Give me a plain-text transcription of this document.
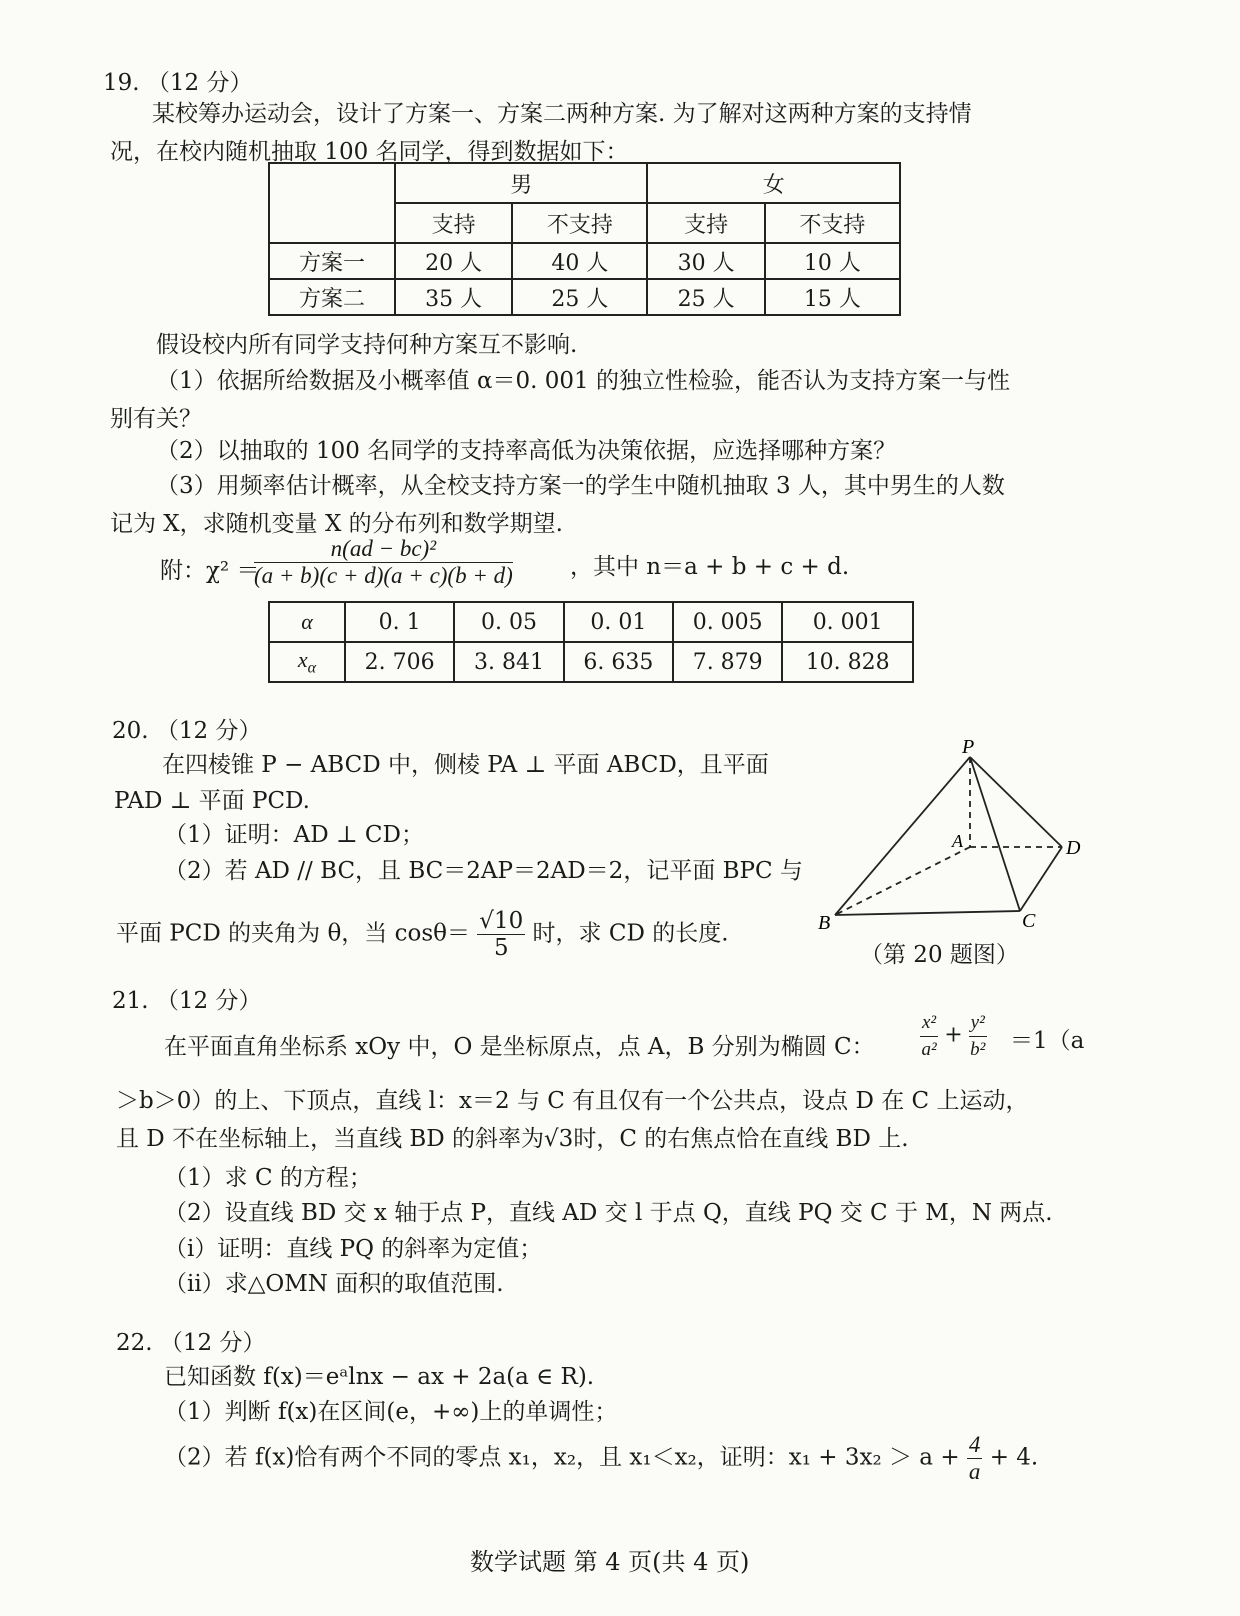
19. （12 分）
某校筹办运动会，设计了方案一、方案二两种方案. 为了解对这两种方案的支持情
况，在校内随机抽取 100 名同学，得到数据如下：
	男		女	
	支持	不支持	支持	不支持
方案一	20 人	40 人	30 人	10 人
方案二	35 人	25 人	25 人	15 人
假设校内所有同学支持何种方案互不影响.
（1）依据所给数据及小概率值 α＝0. 001 的独立性检验，能否认为支持方案一与性
别有关？
（2）以抽取的 100 名同学的支持率高低为决策依据，应选择哪种方案？
（3）用频率估计概率，从全校支持方案一的学生中随机抽取 3 人，其中男生的人数
记为 X，求随机变量 X 的分布列和数学期望.
附：χ² ＝
$\frac{\text{n(ad − bc)²}}{(a + b)(c + d)(a + c)(b + d)}$ ，其中 n＝a + b + c + d.
α	0. 1	0. 05	0. 01	0. 005	0. 001
$x_\alpha$	2. 706	3. 841	6. 635	7. 879	10. 828
20. （12 分）
在四棱锥 P − ABCD 中，侧棱 PA ⊥ 平面 ABCD，且平面
PAD ⊥ 平面 PCD.
（1）证明：AD ⊥ CD；
（2）若 AD // BC，且 BC＝2AP＝2AD＝2，记平面 BPC 与
平面 PCD 的夹角为 θ，当 $\cos\theta= \frac{√10}{5}$ 时，求 CD 的长度.
P
A
B	C
D
（第 20 题图）
21. （12 分）
在平面直角坐标系 xOy 中，O 是坐标原点，点 A，B 分别为椭圆 C： $\frac{\text{x²}}{\text{a²}} + \frac{\text{y²}}{\text{b²}} =1(a$
＞b＞0）的上、下顶点，直线 l：x＝2 与 C 有且仅有一个公共点，设点 D 在 C 上运动，
且 D 不在坐标轴上，当直线 BD 的斜率为√3时，C 的右焦点恰在直线 BD 上.
（1）求 C 的方程；
（2）设直线 BD 交 x 轴于点 P，直线 AD 交 l 于点 Q，直线 PQ 交 C 于 M，N 两点.
（ⅰ）证明：直线 PQ 的斜率为定值；
（ⅱ）求△OMN 面积的取值范围.
22. （12 分）
已知函数 f(x)＝eᵃlnx − ax + 2a(a ∈ R).
（1）判断 f(x)在区间(e，+∞)上的单调性；
（2）若 f(x)恰有两个不同的零点 x₁，x₂，且 x₁＜x₂，证明：$x_1 + 3x_2 > a + \frac{4}{a} + 4$.
数学试题 第 4 页(共 4 页)
